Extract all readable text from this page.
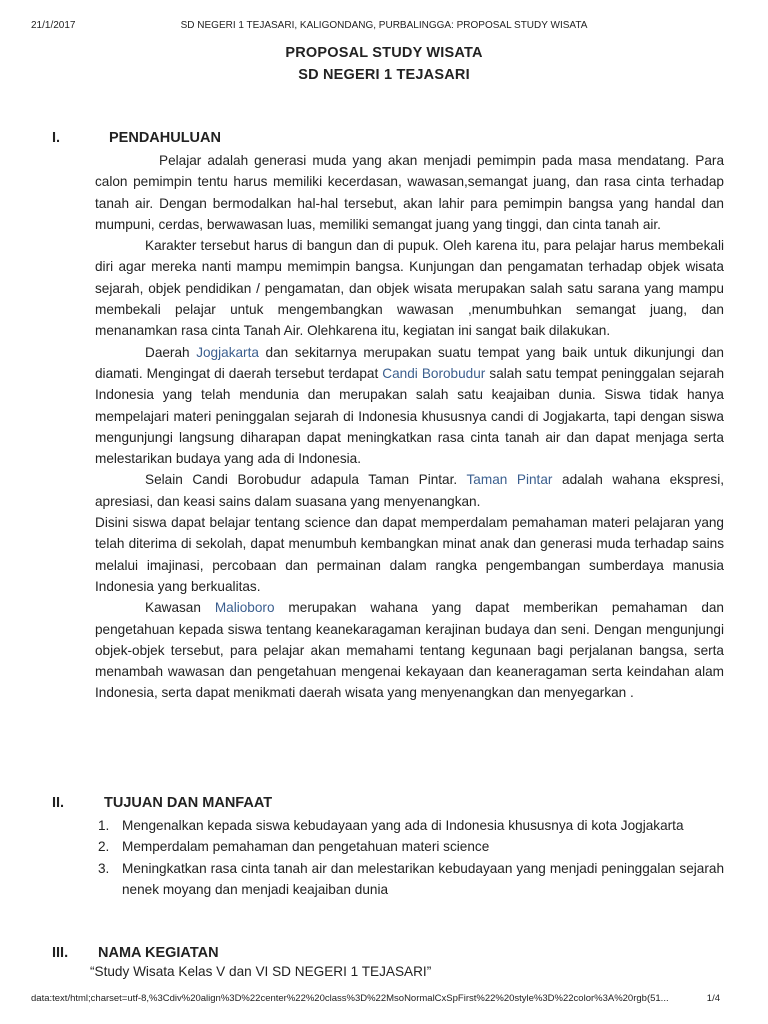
21/1/2017	SD NEGERI 1 TEJASARI, KALIGONDANG, PURBALINGGA: PROPOSAL STUDY WISATA
PROPOSAL STUDY WISATA
SD NEGERI 1 TEJASARI
I.	PENDAHULUAN

Pelajar adalah generasi muda yang akan menjadi pemimpin pada masa mendatang. Para calon pemimpin tentu harus memiliki kecerdasan, wawasan,semangat juang, dan rasa cinta terhadap tanah air. Dengan bermodalkan hal-hal tersebut, akan lahir para pemimpin bangsa yang handal dan mumpuni, cerdas, berwawasan luas, memiliki semangat juang yang tinggi, dan cinta tanah air.

Karakter tersebut harus di bangun dan di pupuk. Oleh karena itu, para pelajar harus membekali diri agar mereka nanti mampu memimpin bangsa. Kunjungan dan pengamatan terhadap objek wisata sejarah, objek pendidikan / pengamatan, dan objek wisata merupakan salah satu sarana yang mampu membekali pelajar untuk mengembangkan wawasan ,menumbuhkan semangat juang, dan menanamkan rasa cinta Tanah Air. Olehkarena itu, kegiatan ini sangat baik dilakukan.

Daerah Jogjakarta dan sekitarnya merupakan suatu tempat yang baik untuk dikunjungi dan diamati. Mengingat di daerah tersebut terdapat Candi Borobudur salah satu tempat peninggalan sejarah Indonesia yang telah mendunia dan merupakan salah satu keajaiban dunia. Siswa tidak hanya mempelajari materi peninggalan sejarah di Indonesia khususnya candi di Jogjakarta, tapi dengan siswa mengunjungi langsung diharapan dapat meningkatkan rasa cinta tanah air dan dapat menjaga serta melestarikan budaya yang ada di Indonesia.

Selain Candi Borobudur adapula Taman Pintar. Taman Pintar adalah wahana ekspresi, apresiasi, dan keasi sains dalam suasana yang menyenangkan.

Disini siswa dapat belajar tentang science dan dapat memperdalam pemahaman materi pelajaran yang telah diterima di sekolah, dapat menumbuh kembangkan minat anak dan generasi muda terhadap sains melalui imajinasi, percobaan dan permainan dalam rangka pengembangan sumberdaya manusia Indonesia yang berkualitas.

Kawasan Malioboro merupakan wahana yang dapat memberikan pemahaman dan pengetahuan kepada siswa tentang keanekaragaman kerajinan budaya dan seni. Dengan mengunjungi objek-objek tersebut, para pelajar akan memahami tentang kegunaan bagi perjalanan bangsa, serta menambah wawasan dan pengetahuan mengenai kekayaan dan keaneragaman serta keindahan alam Indonesia, serta dapat menikmati daerah wisata yang menyenangkan dan menyegarkan .

II.	TUJUAN DAN MANFAAT

1. Mengenalkan kepada siswa kebudayaan yang ada di Indonesia khususnya di kota Jogjakarta

2. Memperdalam pemahaman dan pengetahuan materi science

3. Meningkatkan rasa cinta tanah air dan melestarikan kebudayaan yang menjadi peninggalan sejarah nenek moyang dan menjadi keajaiban dunia

III. NAMA KEGIATAN
“Study Wisata Kelas V dan VI SD NEGERI 1 TEJASARI”
data:text/html;charset=utf-8,%3Cdiv%20align%3D%22center%22%20class%3D%22MsoNormalCxSpFirst%22%20style%3D%22color%3A%20rgb(51...	1/4
